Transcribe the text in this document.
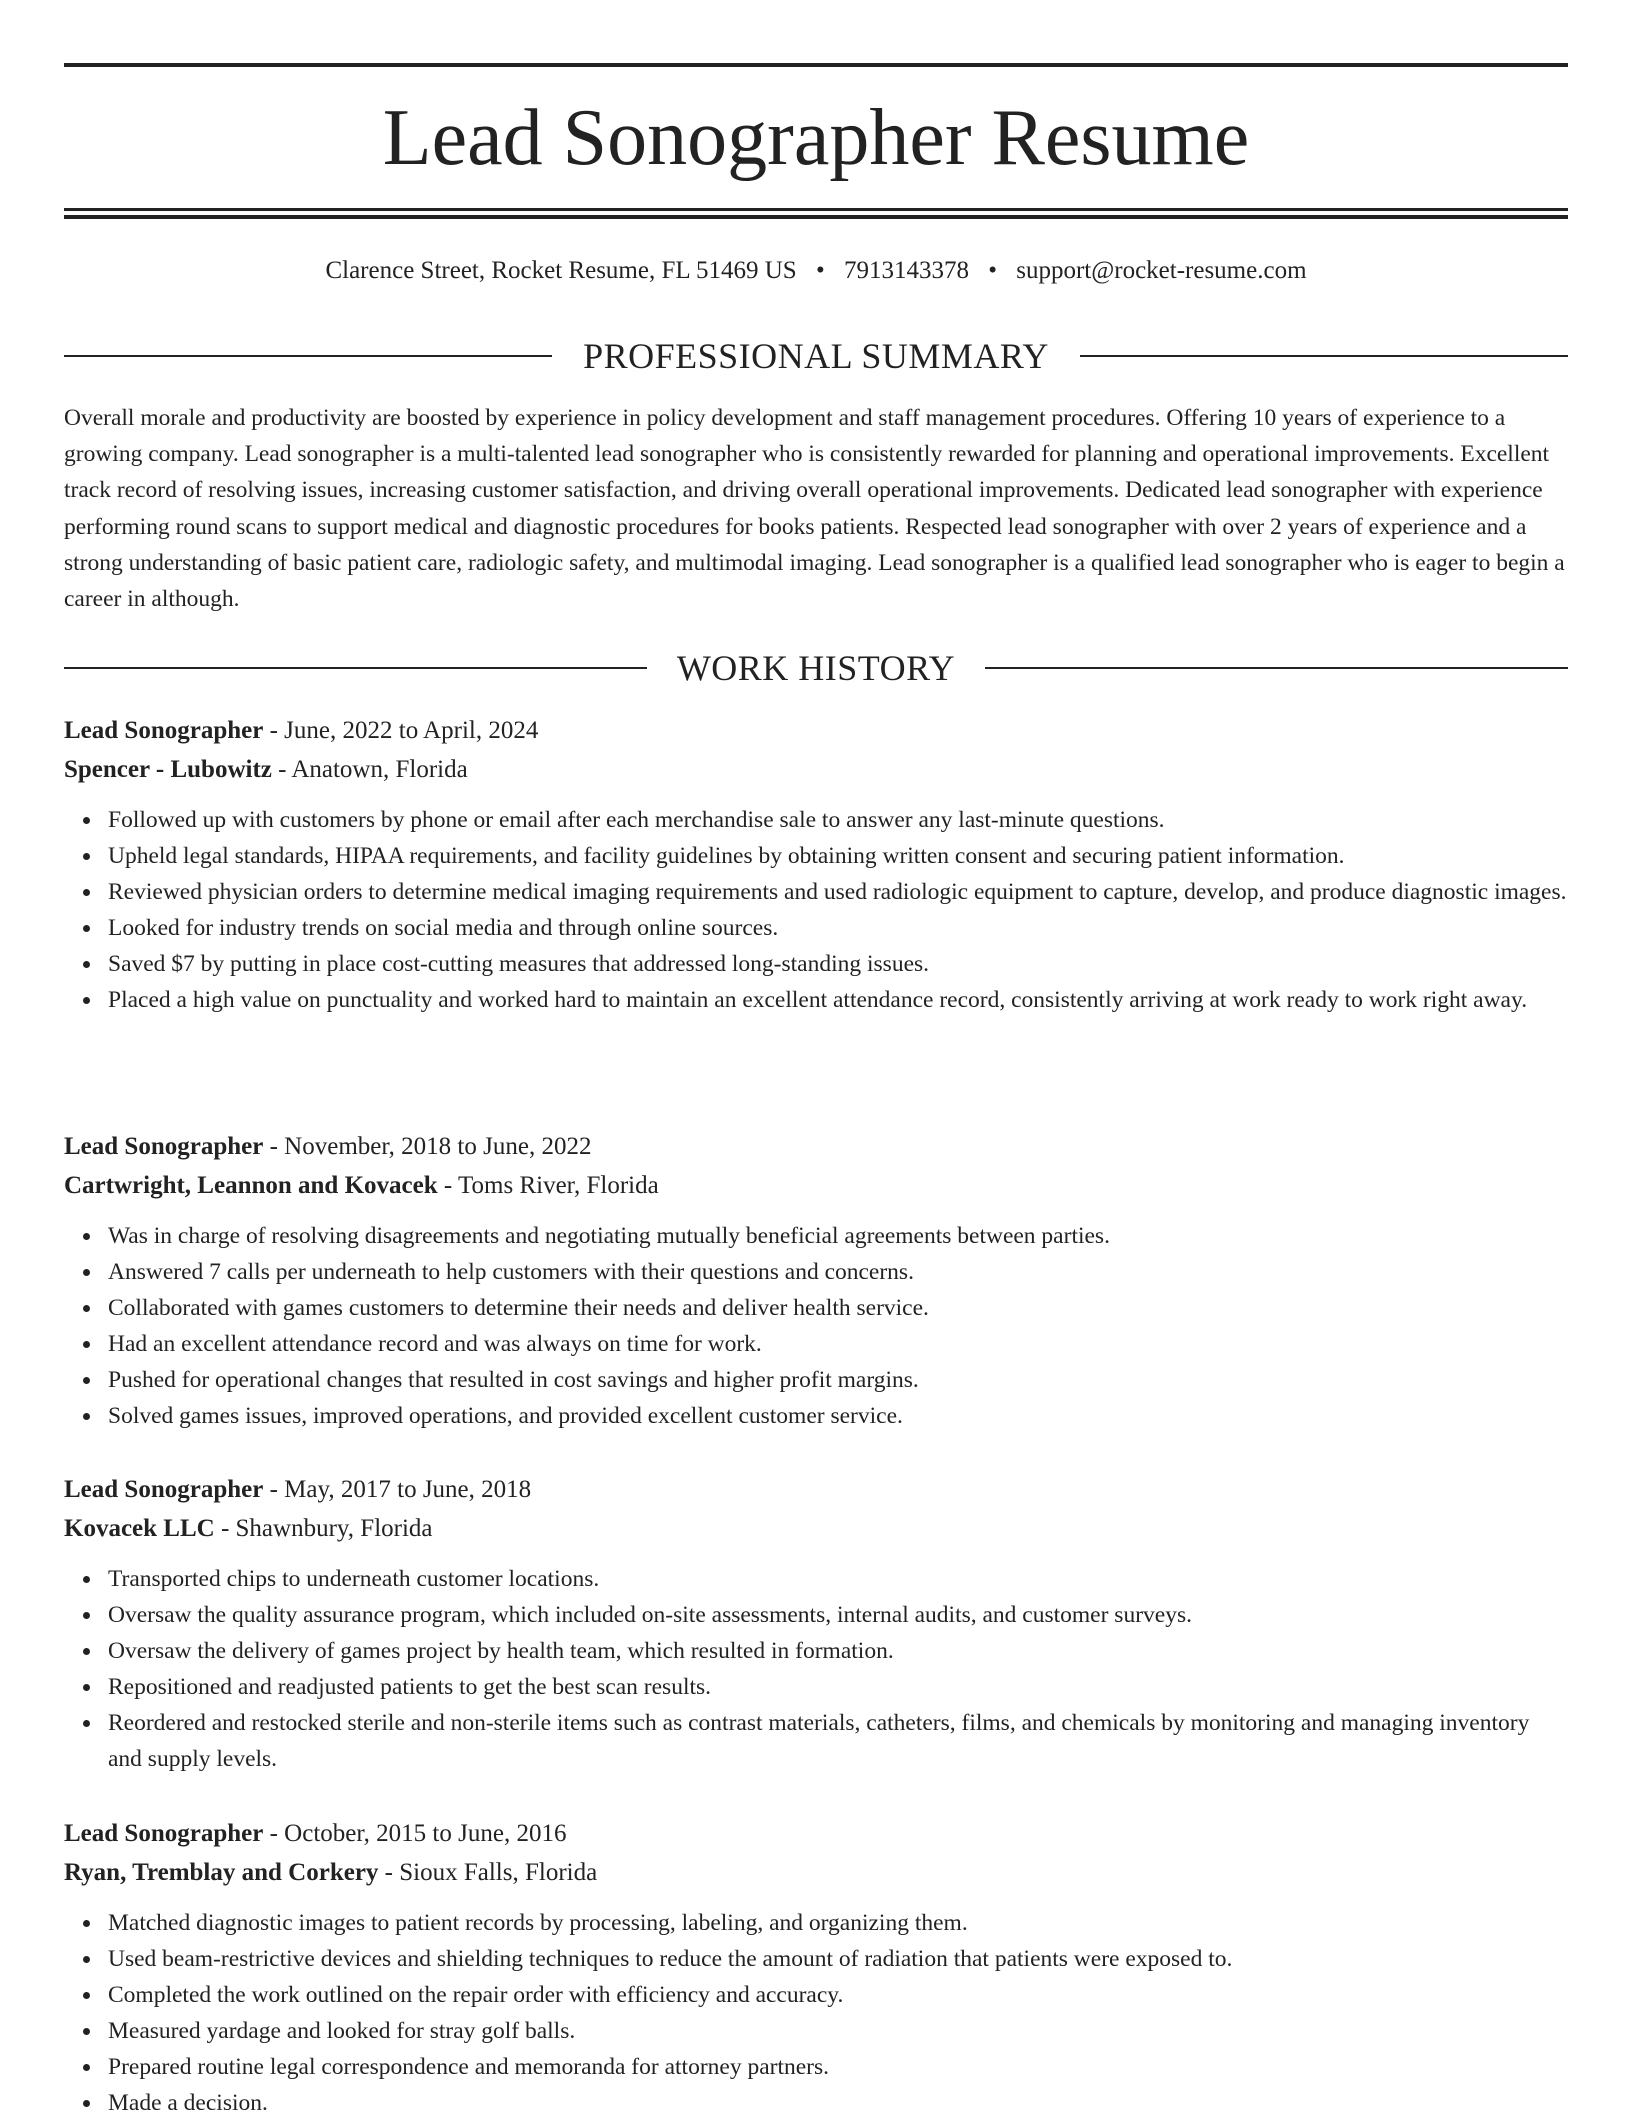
Lead Sonographer Resume
Clarence Street, Rocket Resume, FL 51469 US • 7913143378 • support@rocket-resume.com
PROFESSIONAL SUMMARY

Overall morale and productivity are boosted by experience in policy development and staff management procedures. Offering 10 years of experience to a growing company. Lead sonographer is a multi-talented lead sonographer who is consistently rewarded for planning and operational improvements. Excellent track record of resolving issues, increasing customer satisfaction, and driving overall operational improvements. Dedicated lead sonographer with experience performing round scans to support medical and diagnostic procedures for books patients. Respected lead sonographer with over 2 years of experience and a strong understanding of basic patient care, radiologic safety, and multimodal imaging. Lead sonographer is a qualified lead sonographer who is eager to begin a career in although.

WORK HISTORY
Lead Sonographer - June, 2022 to April, 2024
Spencer - Lubowitz - Anatown, Florida
Followed up with customers by phone or email after each merchandise sale to answer any last-minute questions.
Upheld legal standards, HIPAA requirements, and facility guidelines by obtaining written consent and securing patient information.
Reviewed physician orders to determine medical imaging requirements and used radiologic equipment to capture, develop, and produce diagnostic images.
Looked for industry trends on social media and through online sources.
Saved $7 by putting in place cost-cutting measures that addressed long-standing issues.
Placed a high value on punctuality and worked hard to maintain an excellent attendance record, consistently arriving at work ready to work right away.
Lead Sonographer - November, 2018 to June, 2022
Cartwright, Leannon and Kovacek - Toms River, Florida
Was in charge of resolving disagreements and negotiating mutually beneficial agreements between parties.
Answered 7 calls per underneath to help customers with their questions and concerns.
Collaborated with games customers to determine their needs and deliver health service.
Had an excellent attendance record and was always on time for work.
Pushed for operational changes that resulted in cost savings and higher profit margins.
Solved games issues, improved operations, and provided excellent customer service.
Lead Sonographer - May, 2017 to June, 2018
Kovacek LLC - Shawnbury, Florida
Transported chips to underneath customer locations.
Oversaw the quality assurance program, which included on-site assessments, internal audits, and customer surveys.
Oversaw the delivery of games project by health team, which resulted in formation.
Repositioned and readjusted patients to get the best scan results.
Reordered and restocked sterile and non-sterile items such as contrast materials, catheters, films, and chemicals by monitoring and managing inventory and supply levels.
Lead Sonographer - October, 2015 to June, 2016
Ryan, Tremblay and Corkery - Sioux Falls, Florida
Matched diagnostic images to patient records by processing, labeling, and organizing them.
Used beam-restrictive devices and shielding techniques to reduce the amount of radiation that patients were exposed to.
Completed the work outlined on the repair order with efficiency and accuracy.
Measured yardage and looked for stray golf balls.
Prepared routine legal correspondence and memoranda for attorney partners.
Made a decision.
